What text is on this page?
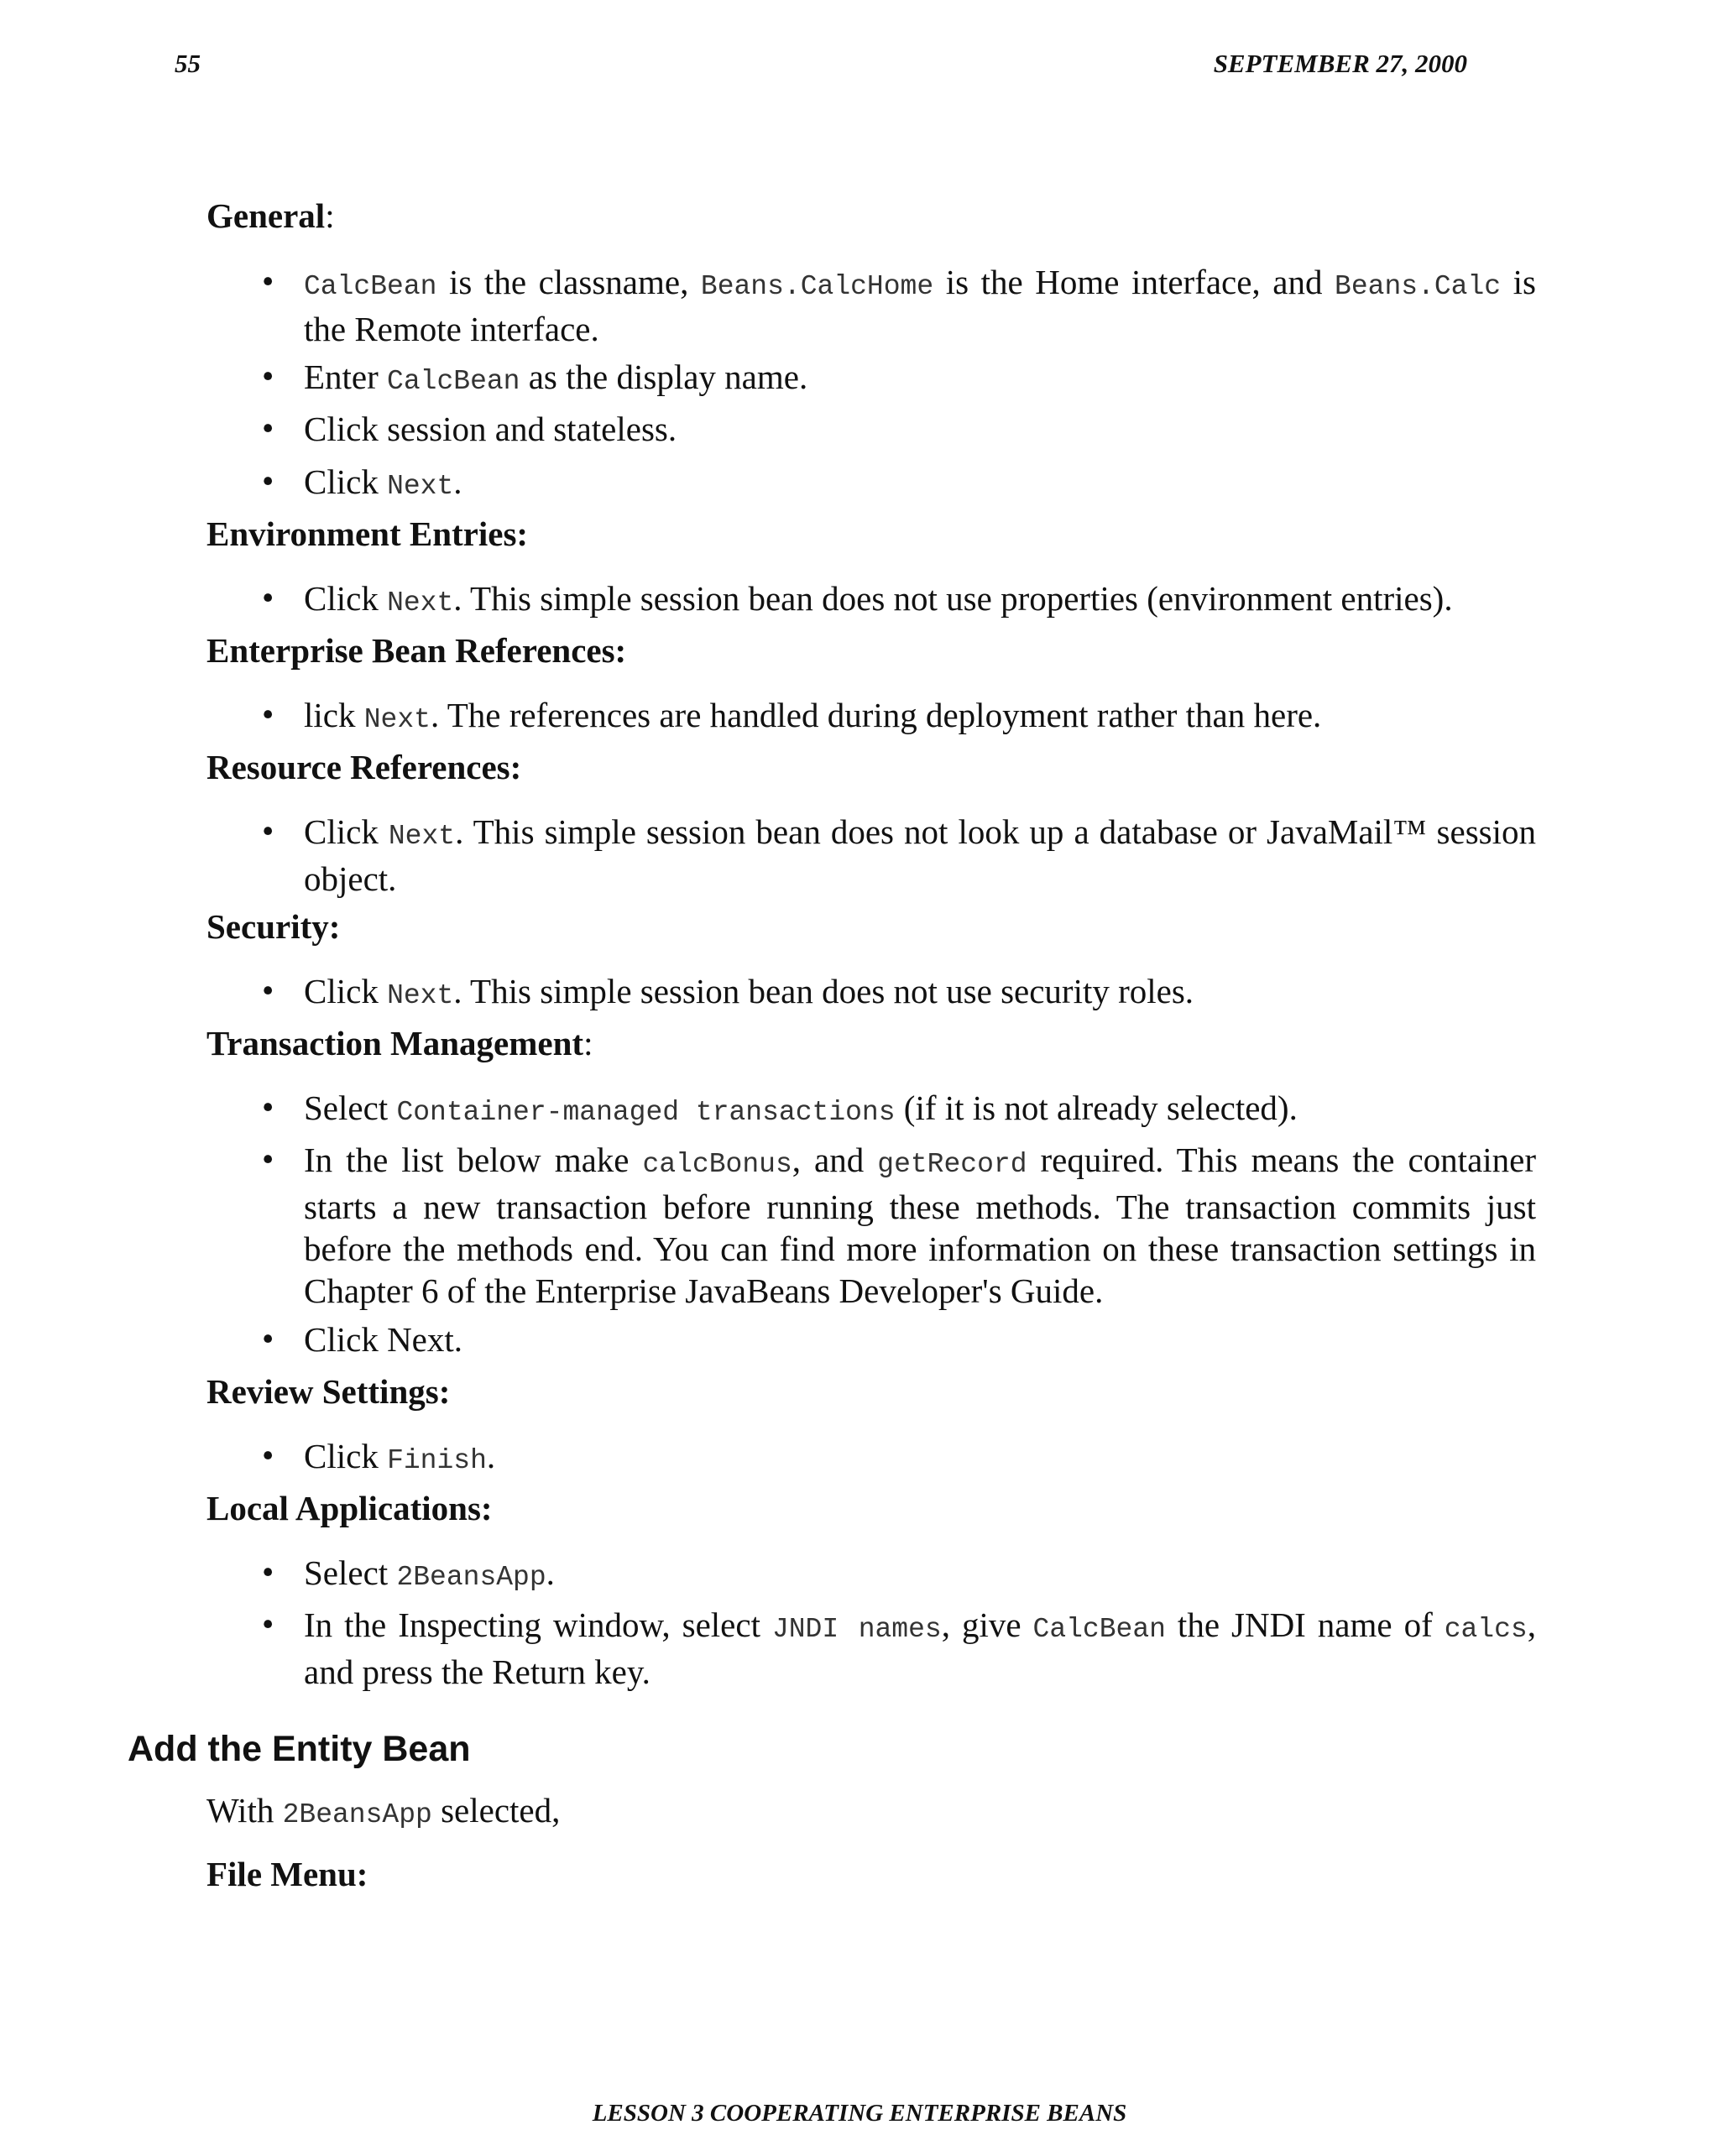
55	SEPTEMBER 27, 2000
General:
• CalcBean is the classname, Beans.CalcHome is the Home interface, and Beans.Calc is the Remote interface.
• Enter CalcBean as the display name.
• Click session and stateless.
• Click Next.
Environment Entries:
• Click Next. This simple session bean does not use properties (environment entries).
Enterprise Bean References:
• lick Next. The references are handled during deployment rather than here.
Resource References:
• Click Next. This simple session bean does not look up a database or JavaMail™ session object.
Security:
• Click Next. This simple session bean does not use security roles.
Transaction Management:
• Select Container-managed transactions (if it is not already selected).
• In the list below make calcBonus, and getRecord required. This means the container starts a new transaction before running these methods. The transaction commits just before the methods end. You can find more information on these transaction settings in Chapter 6 of the Enterprise JavaBeans Developer's Guide.
• Click Next.
Review Settings:
• Click Finish.
Local Applications:
• Select 2BeansApp.
• In the Inspecting window, select JNDI names, give CalcBean the JNDI name of calcs, and press the Return key.
Add the Entity Bean
With 2BeansApp selected,
File Menu:
LESSON 3 COOPERATING ENTERPRISE BEANS
